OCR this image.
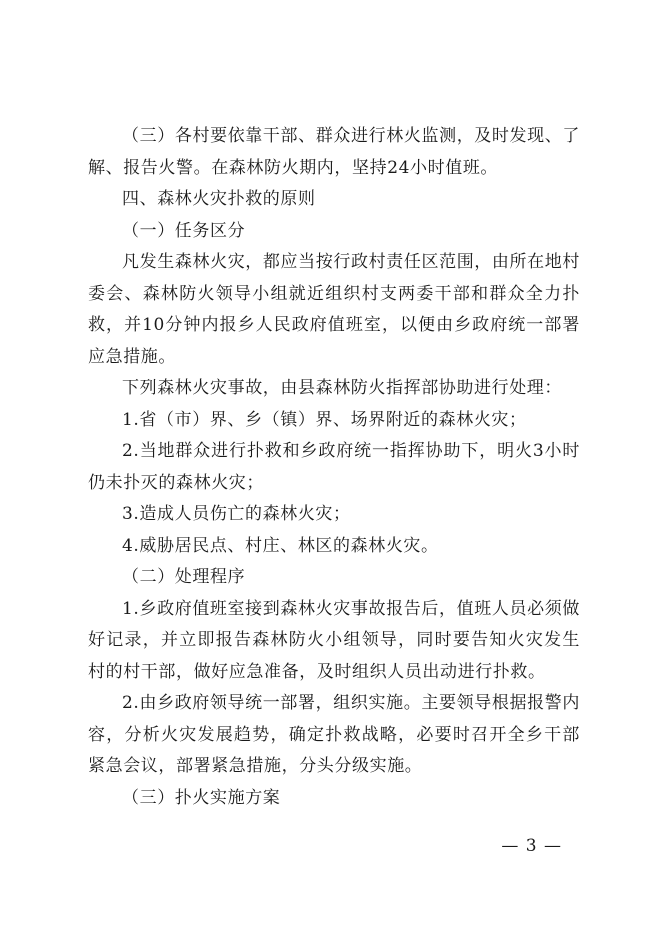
（三）各村要依靠干部、群众进行林火监测，及时发现、了解、报告火警。在森林防火期内，坚持24小时值班。

四、森林火灾扑救的原则

（一）任务区分

凡发生森林火灾，都应当按行政村责任区范围，由所在地村委会、森林防火领导小组就近组织村支两委干部和群众全力扑救，并10分钟内报乡人民政府值班室，以便由乡政府统一部署应急措施。

下列森林火灾事故，由县森林防火指挥部协助进行处理：

1.省（市）界、乡（镇）界、场界附近的森林火灾；

2.当地群众进行扑救和乡政府统一指挥协助下，明火3小时仍未扑灭的森林火灾；

3.造成人员伤亡的森林火灾；

4.威胁居民点、村庄、林区的森林火灾。

（二）处理程序

1.乡政府值班室接到森林火灾事故报告后，值班人员必须做好记录，并立即报告森林防火小组领导，同时要告知火灾发生村的村干部，做好应急准备，及时组织人员出动进行扑救。

2.由乡政府领导统一部署，组织实施。主要领导根据报警内容，分析火灾发展趋势，确定扑救战略，必要时召开全乡干部紧急会议，部署紧急措施，分头分级实施。

（三）扑火实施方案

— 3 —
